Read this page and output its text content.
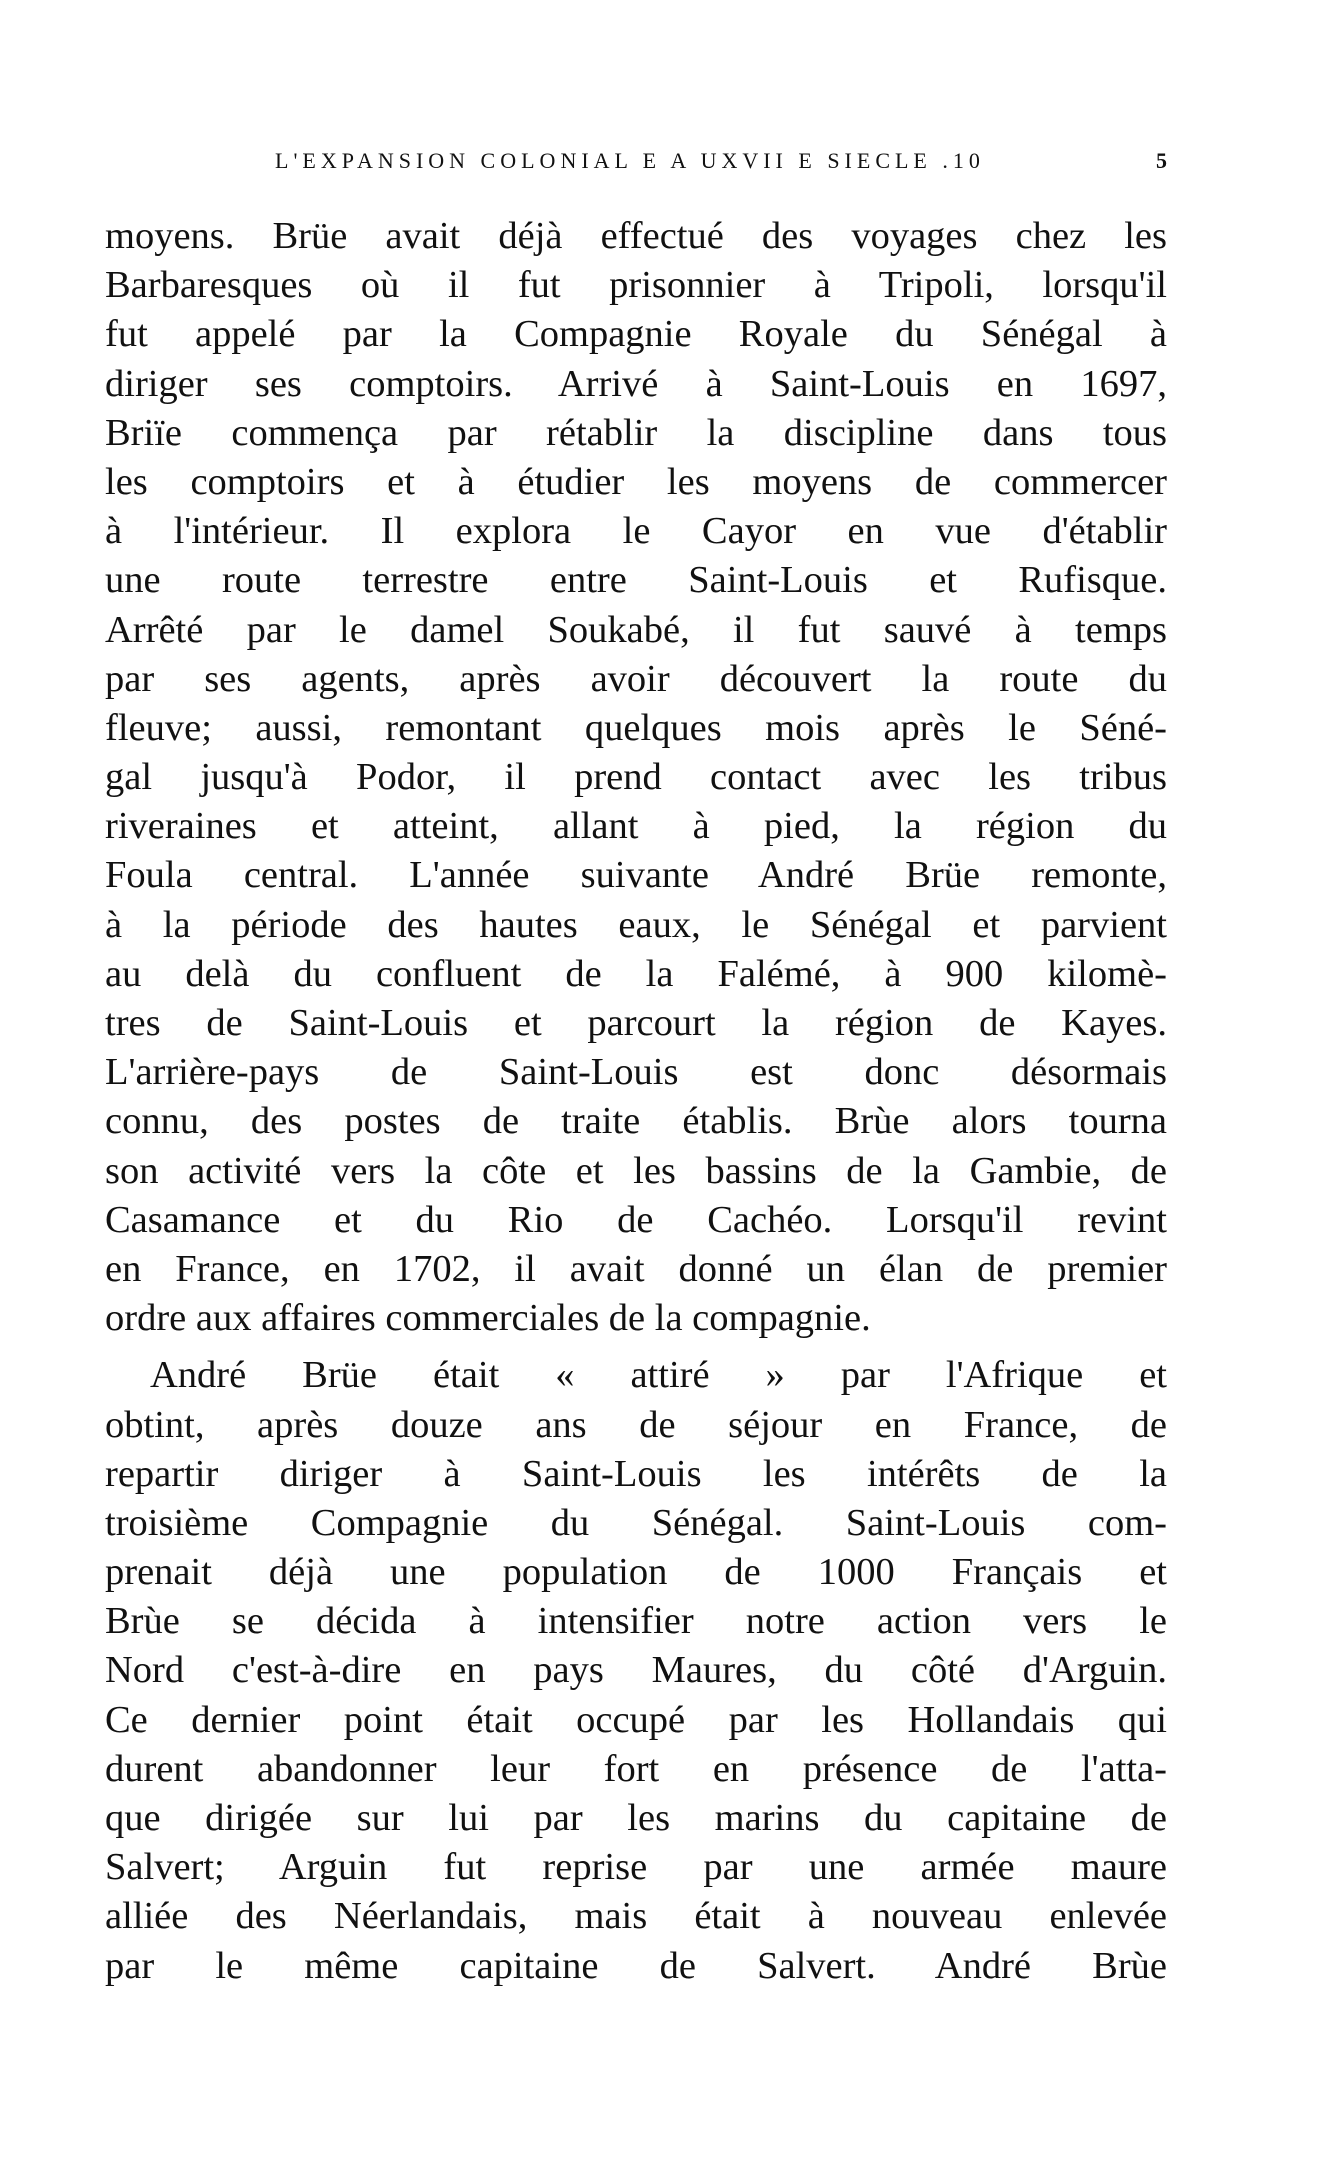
L'EXPANSION COLONIAL E A UXVII E SIECLE .10	5
moyens. Brüe avait déjà effectué des voyages chez les
Barbaresques où il fut prisonnier à Tripoli, lorsqu'il
fut appelé par la Compagnie Royale du Sénégal à
diriger ses comptoirs. Arrivé à Saint-Louis en 1697,
Briïe commença par rétablir la discipline dans tous
les comptoirs et à étudier les moyens de commercer
à l'intérieur. Il explora le Cayor en vue d'établir
une route terrestre entre Saint-Louis et Rufisque.
Arrêté par le damel Soukabé, il fut sauvé à temps
par ses agents, après avoir découvert la route du
fleuve; aussi, remontant quelques mois après le Séné-
gal jusqu'à Podor, il prend contact avec les tribus
riveraines et atteint, allant à pied, la région du
Foula central. L'année suivante André Brüe remonte,
à la période des hautes eaux, le Sénégal et parvient
au delà du confluent de la Falémé, à 900 kilomè-
tres de Saint-Louis et parcourt la région de Kayes.
L'arrière-pays de Saint-Louis est donc désormais
connu, des postes de traite établis. Brùe alors tourna
son activité vers la côte et les bassins de la Gambie, de
Casamance et du Rio de Cachéo. Lorsqu'il revint
en France, en 1702, il avait donné un élan de premier
ordre aux affaires commerciales de la compagnie.
André Brüe était « attiré » par l'Afrique et
obtint, après douze ans de séjour en France, de
repartir diriger à Saint-Louis les intérêts de la
troisième Compagnie du Sénégal. Saint-Louis com-
prenait déjà une population de 1000 Français et
Brùe se décida à intensifier notre action vers le
Nord c'est-à-dire en pays Maures, du côté d'Arguin.
Ce dernier point était occupé par les Hollandais qui
durent abandonner leur fort en présence de l'atta-
que dirigée sur lui par les marins du capitaine de
Salvert; Arguin fut reprise par une armée maure
alliée des Néerlandais, mais était à nouveau enlevée
par le même capitaine de Salvert. André Brùe
